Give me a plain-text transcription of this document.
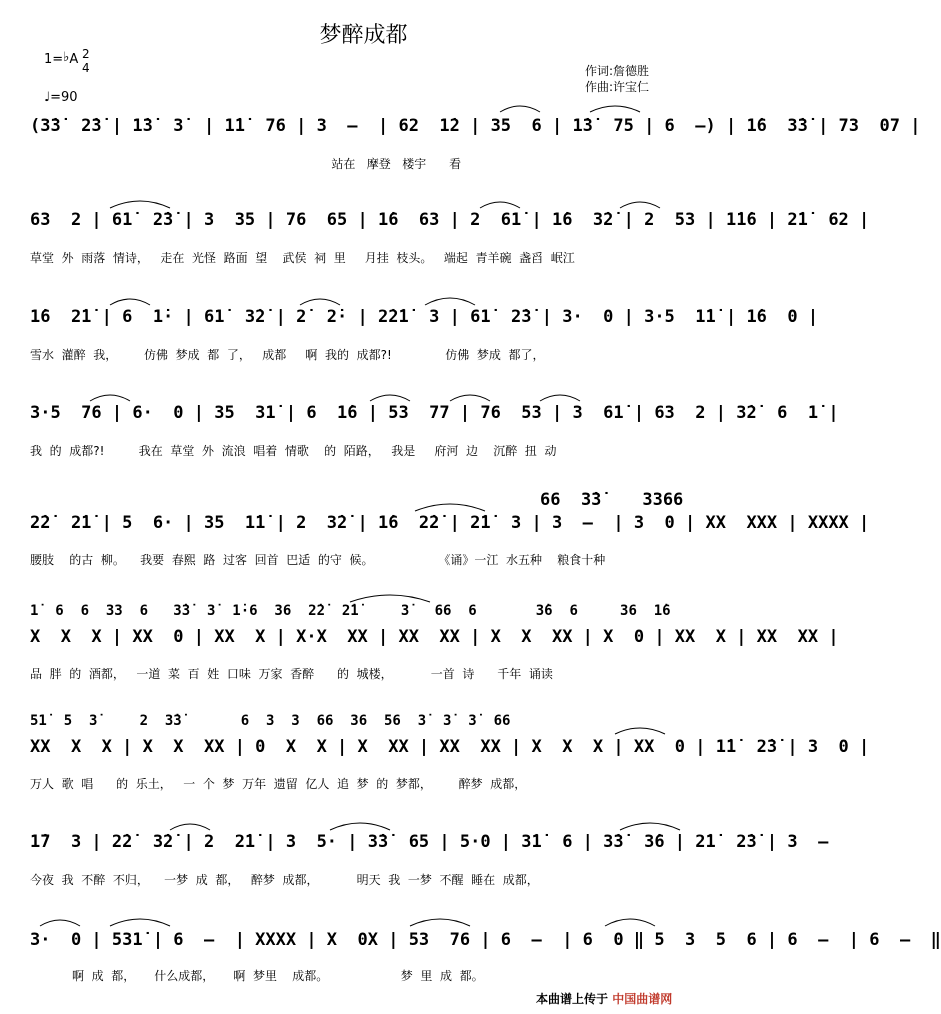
梦醉成都
1=♭A 2
4
♩=90
作词:詹德胜
作曲:许宝仁
(3̇3̇  2̇3̇ | 1̇3̇  3̇  | 1̇1̇  76 | 3  –  | 62  1̇2 | 35  6 | 1̇3̇  75 | 6  –) | 1̇6  3̇3̇ | 73  07 |
站在   摩登   楼宇      看
63  2 | 61̇  2̇3̇ | 3  35 | 76  65 | 1̇6  63 | 2  61̇ | 1̇6  3̇2̇ | 2  53 | 1̇1̇6 | 2̇1̇  62 |
草堂  外  雨落  情诗，   走在  光怪  路面  望    武侯  祠  里     月挂  枝头。   端起  青羊碗  盏舀  岷江
1̇6  2̇1̇ | 6  1̇· | 61̇  3̇2̇ | 2̇  2̇· | 2̇2̇1̇  3 | 61̇  2̇3̇ | 3·  0 | 3·5  1̇1̇ | 1̇6  0 |
雪水  灌醉  我，       仿佛  梦成  都  了，   成都     啊  我的  成都?!              仿佛  梦成  都了，
3·5  76 | 6·  0 | 35  31̇ | 6  1̇6 | 53  77 | 76  53 | 3  61̇ | 63  2 | 3̇2̇  6  1̇ |
我  的  成都?!         我在  草堂  外  流浪  唱着  情歌    的  陌路，   我是     府河  边    沉醉  扭  动
66  3̇3̇    3366
2̇2̇  2̇1̇ | 5  6· | 35  1̇1̇ | 2  3̇2̇ | 1̇6  2̇2̇ | 2̇1̇  3 | 3  –  | 3  0 | XX  XXX | XXXX |
腰肢    的古  柳。    我要  春熙  路  过客  回首  巴适  的守  候。                 《诵》一江  水五种    粮食十种
1̇  6  6  33  6   3̇3̇  3̇  1̇·6  36  2̇2̇  2̇1̇     3̇   66  6       3̇6  6     36  1̇6
X  X  X | XX  0 | XX  X | X·X  XX | XX  XX | X  X  XX | X  0 | XX  X | XX  XX |
品  胖  的  酒都，   一道  菜  百  姓  口味  万家  香醉      的  城楼，          一首  诗      千年  诵读
51̇  5  3̇     2  3̇3̇       6  3  3  66  36  56  3̇  3̇  3̇  66
XX  X  X | X  X  XX | 0  X  X | X  XX | XX  XX | X  X  X | XX  0 | 1̇1̇  2̇3̇ | 3  0 |
万人  歌  唱      的  乐土，   一  个  梦  万年  遗留  亿人  追  梦  的  梦都，       醉梦  成都，
1̇7  3 | 2̇2̇  3̇2̇ | 2  2̇1̇ | 3  5· | 3̇3̇  65 | 5·0 | 3̇1̇  6 | 3̇3̇  3̇6 | 2̇1̇  2̇3̇ | 3  –
今夜  我  不醉  不归，    一梦  成  都，   醉梦  成都，          明天  我  一梦  不醒  睡在  成都，
3·  0 | 531̇ | 6  –  | XXXX | X  0X | 53  76 | 6  –  | 6  0 ‖ 5  3  5  6 | 6  –  | 6  –  ‖
啊  成  都，     什么成都，     啊  梦里    成都。                   梦  里  成  都。
本曲谱上传于 中国曲谱网
